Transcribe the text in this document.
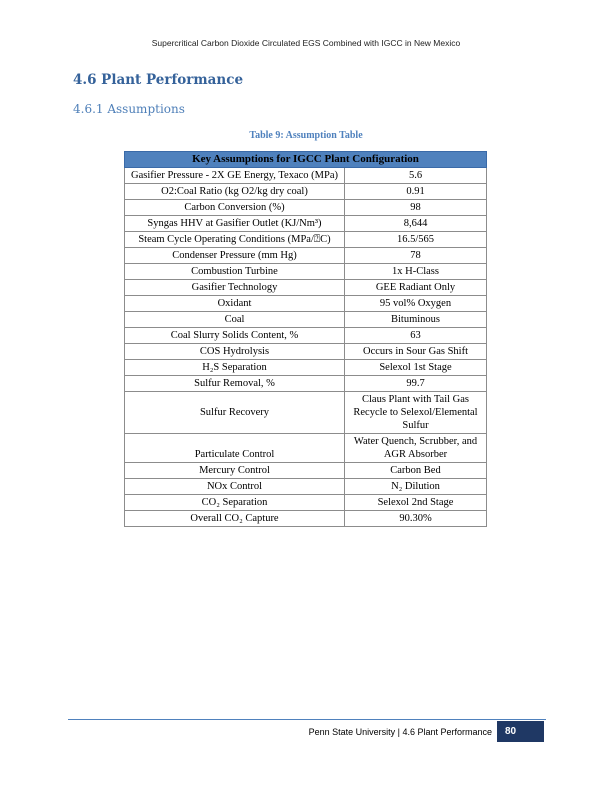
Supercritical Carbon Dioxide Circulated EGS Combined with IGCC in New Mexico
4.6 Plant Performance
4.6.1 Assumptions
Table 9: Assumption Table
Key Assumptions for IGCC Plant Configuration	
Gasifier Pressure - 2X GE Energy, Texaco (MPa)	5.6
O2:Coal Ratio (kg O2/kg dry coal)	0.91
Carbon Conversion (%)	98
Syngas HHV at Gasifier Outlet (KJ/Nm³)	8,644
Steam Cycle Operating Conditions (MPa/⍰C)	16.5/565
Condenser Pressure (mm Hg)	78
Combustion Turbine	1x H-Class
Gasifier Technology	GEE Radiant Only
Oxidant	95 vol% Oxygen
Coal	Bituminous
Coal Slurry Solids Content, %	63
COS Hydrolysis	Occurs in Sour Gas Shift
H₂S Separation	Selexol 1st Stage
Sulfur Removal, %	99.7
Sulfur Recovery	Claus Plant with Tail Gas Recycle to Selexol/Elemental Sulfur
Particulate Control	Water Quench, Scrubber, and AGR Absorber
Mercury Control	Carbon Bed
NOx Control	N₂ Dilution
CO₂ Separation	Selexol 2nd Stage
Overall CO₂ Capture	90.30%
Penn State University | 4.6 Plant Performance	80
